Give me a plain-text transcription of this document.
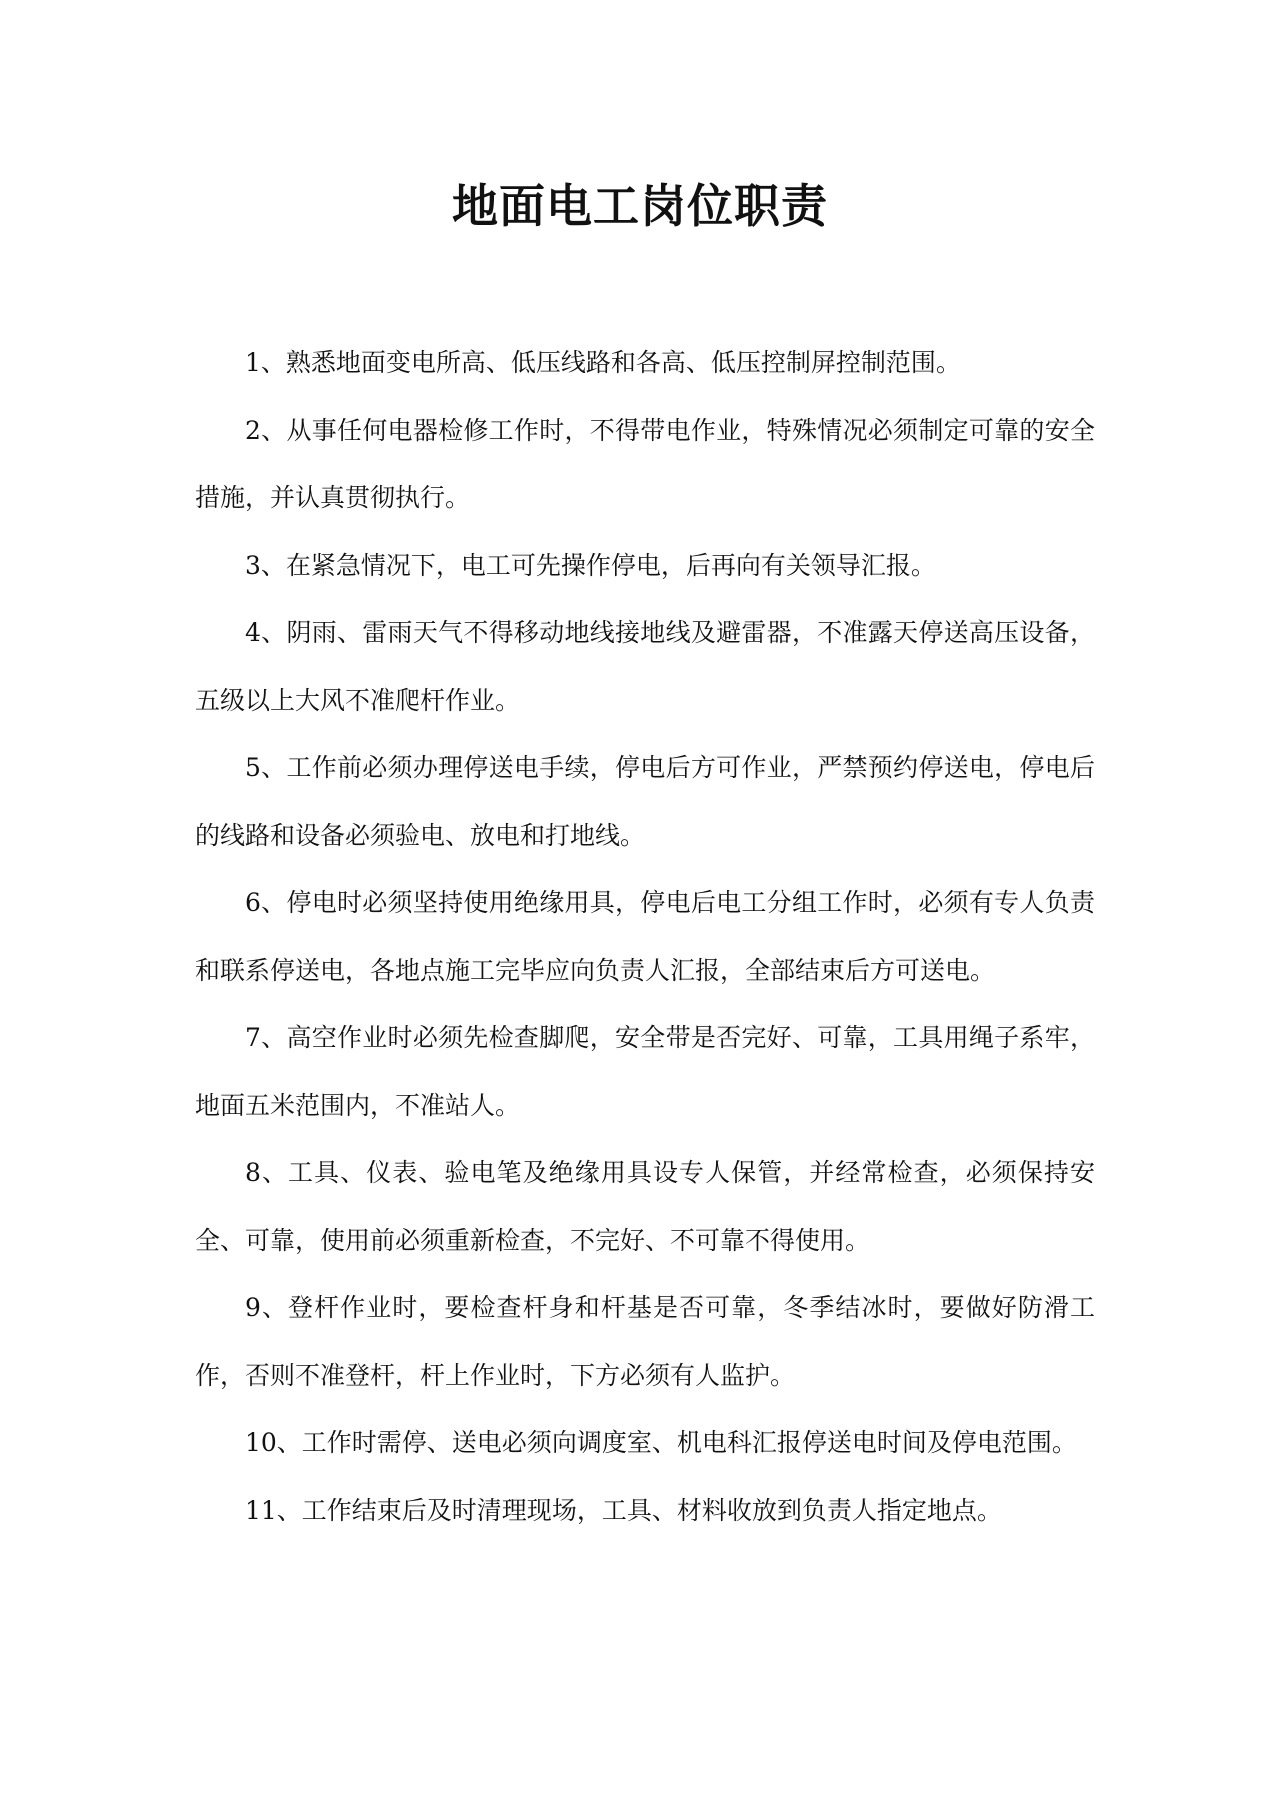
地面电工岗位职责

1、熟悉地面变电所高、低压线路和各高、低压控制屏控制范围。

2、从事任何电器检修工作时，不得带电作业，特殊情况必须制定可靠的安全措施，并认真贯彻执行。

3、在紧急情况下，电工可先操作停电，后再向有关领导汇报。

4、阴雨、雷雨天气不得移动地线接地线及避雷器，不准露天停送高压设备，五级以上大风不准爬杆作业。

5、工作前必须办理停送电手续，停电后方可作业，严禁预约停送电，停电后的线路和设备必须验电、放电和打地线。

6、停电时必须坚持使用绝缘用具，停电后电工分组工作时，必须有专人负责和联系停送电，各地点施工完毕应向负责人汇报，全部结束后方可送电。

7、高空作业时必须先检查脚爬，安全带是否完好、可靠，工具用绳子系牢，地面五米范围内，不准站人。

8、工具、仪表、验电笔及绝缘用具设专人保管，并经常检查，必须保持安全、可靠，使用前必须重新检查，不完好、不可靠不得使用。

9、登杆作业时，要检查杆身和杆基是否可靠，冬季结冰时，要做好防滑工作，否则不准登杆，杆上作业时，下方必须有人监护。

10、工作时需停、送电必须向调度室、机电科汇报停送电时间及停电范围。

11、工作结束后及时清理现场，工具、材料收放到负责人指定地点。
